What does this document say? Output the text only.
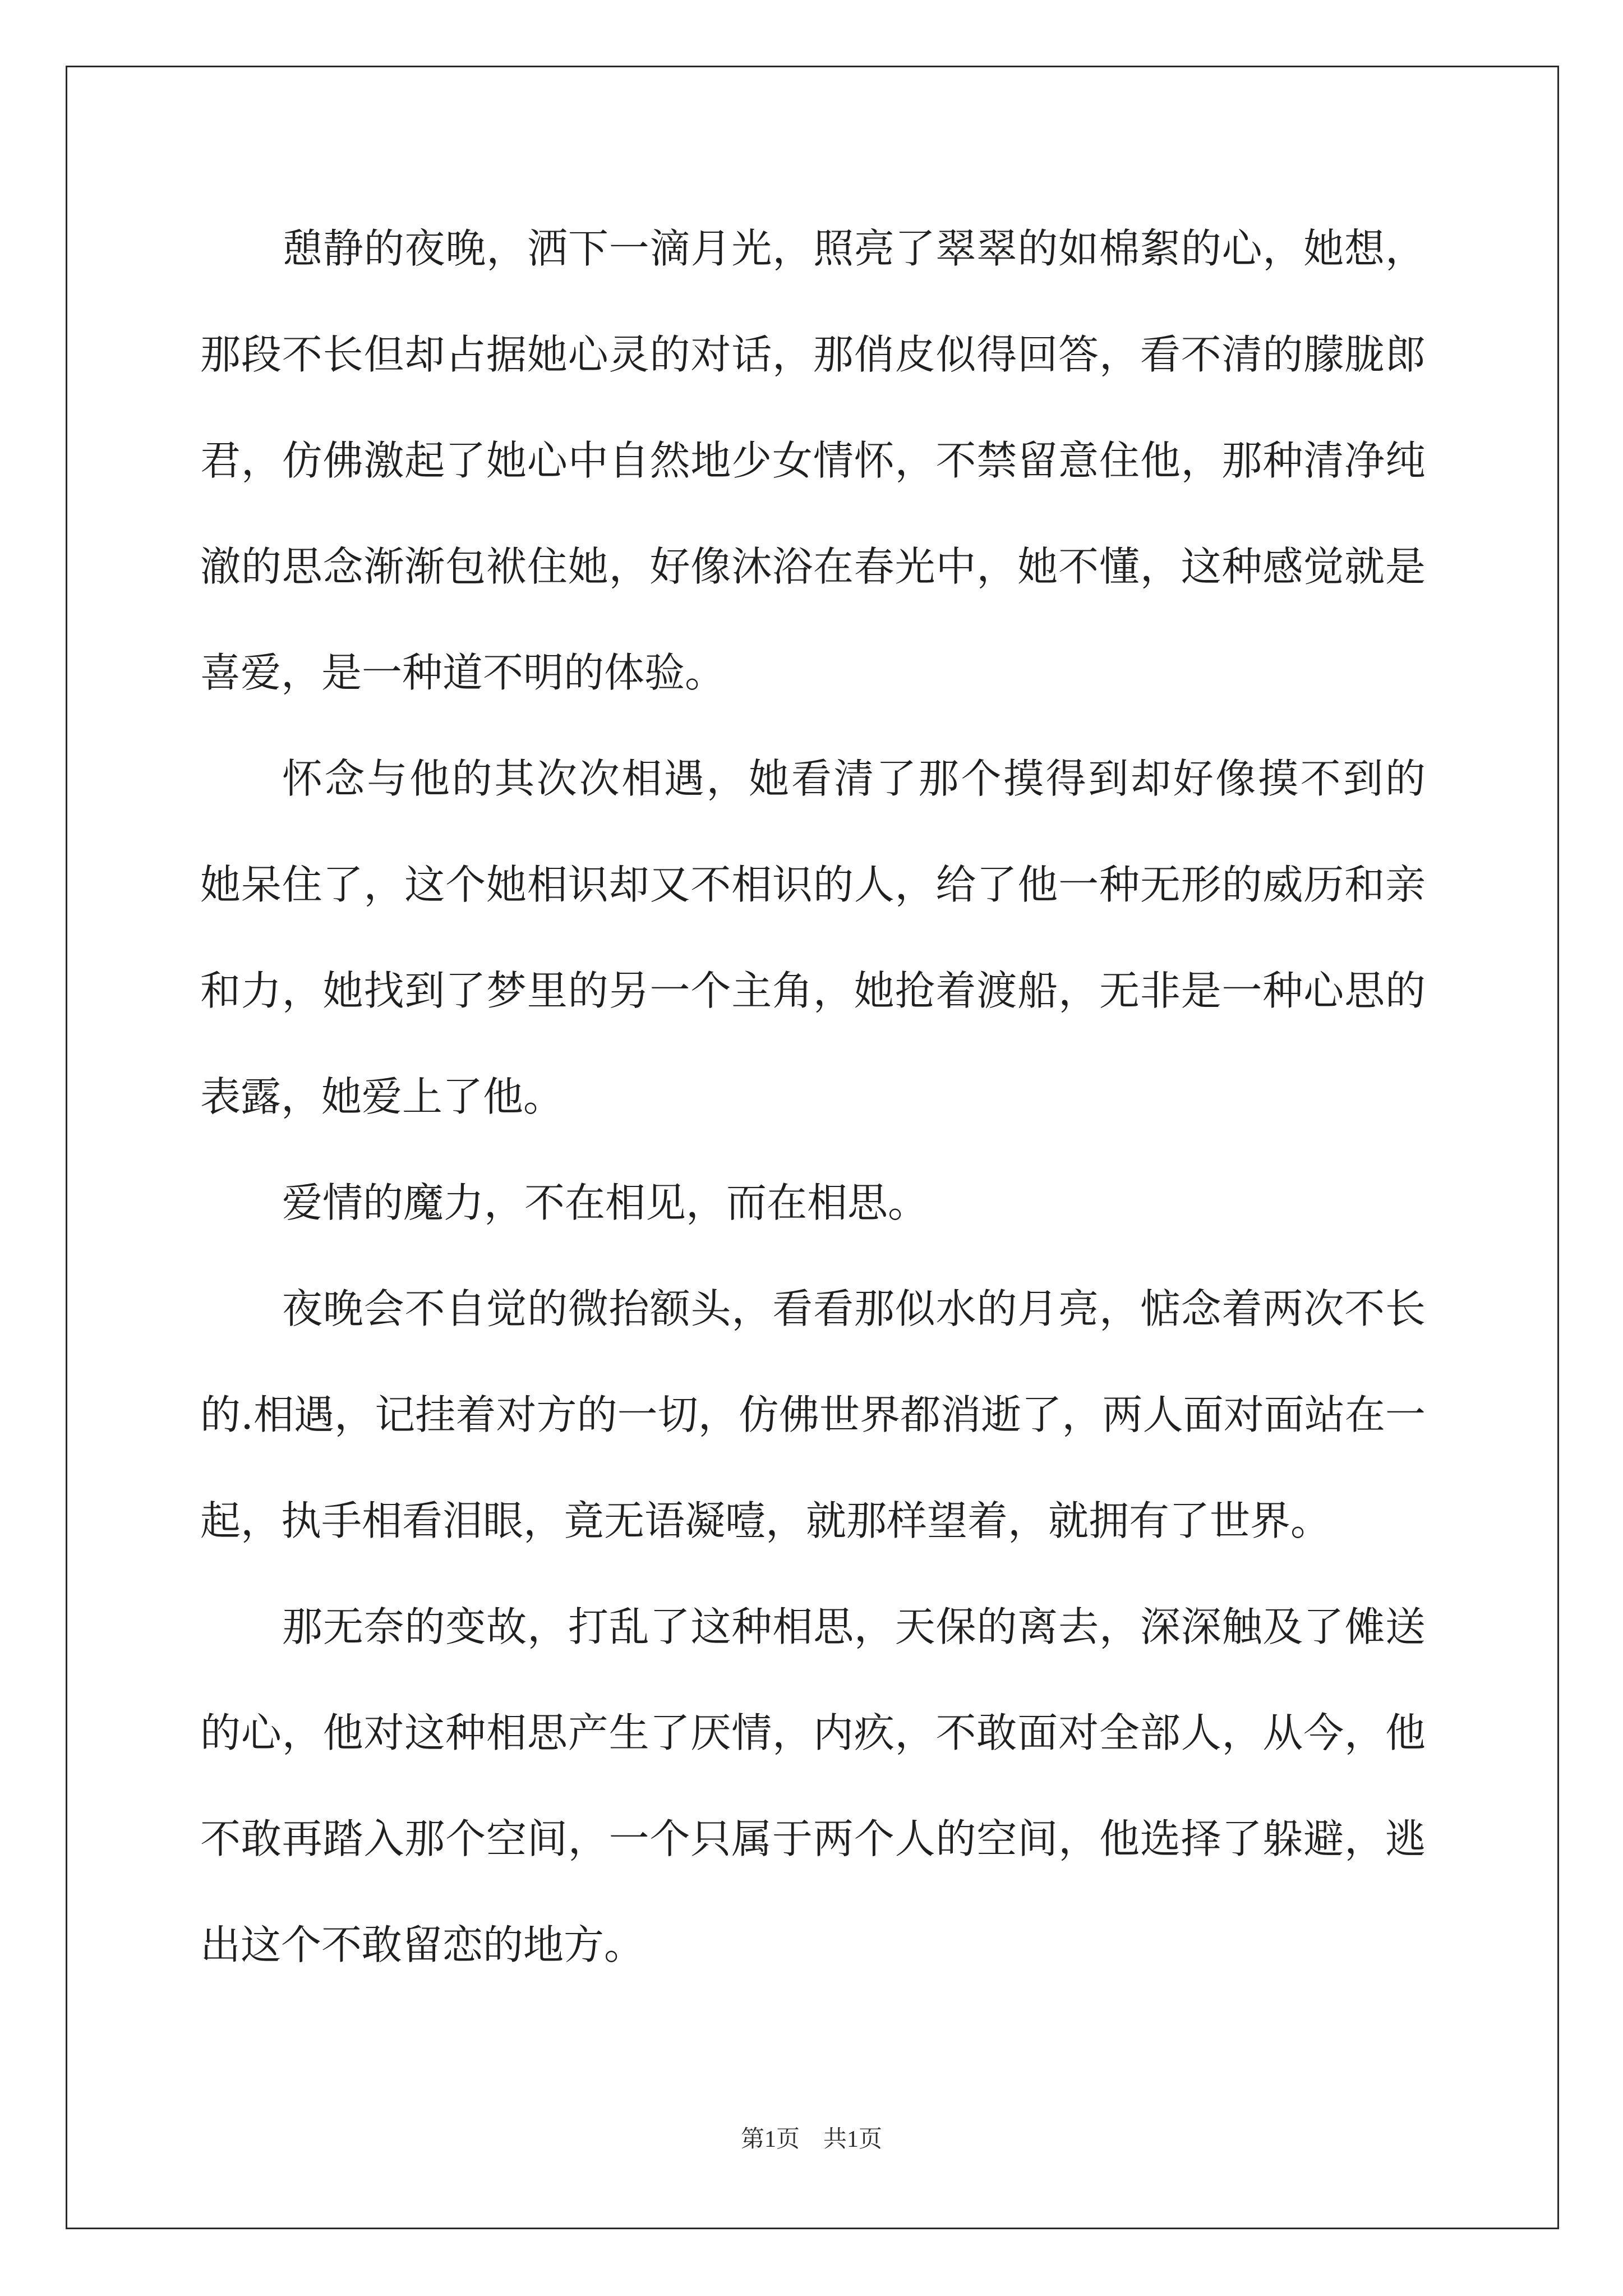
憩静的夜晚，洒下一滴月光，照亮了翠翠的如棉絮的心，她想，
那段不长但却占据她心灵的对话，那俏皮似得回答，看不清的朦胧郎
君，仿佛激起了她心中自然地少女情怀，不禁留意住他，那种清净纯
澈的思念渐渐包袱住她，好像沐浴在春光中，她不懂，这种感觉就是
喜爱，是一种道不明的体验。
怀念与他的其次次相遇，她看清了那个摸得到却好像摸不到的
她呆住了，这个她相识却又不相识的人，给了他一种无形的威历和亲
和力，她找到了梦里的另一个主角，她抢着渡船，无非是一种心思的
表露，她爱上了他。
爱情的魔力，不在相见，而在相思。
夜晚会不自觉的微抬额头，看看那似水的月亮，惦念着两次不长
的.相遇，记挂着对方的一切，仿佛世界都消逝了，两人面对面站在一
起，执手相看泪眼，竟无语凝噎，就那样望着，就拥有了世界。
那无奈的变故，打乱了这种相思，天保的离去，深深触及了傩送
的心，他对这种相思产生了厌情，内疚，不敢面对全部人，从今，他
不敢再踏入那个空间，一个只属于两个人的空间，他选择了躲避，逃
出这个不敢留恋的地方。
第1页　共1页
